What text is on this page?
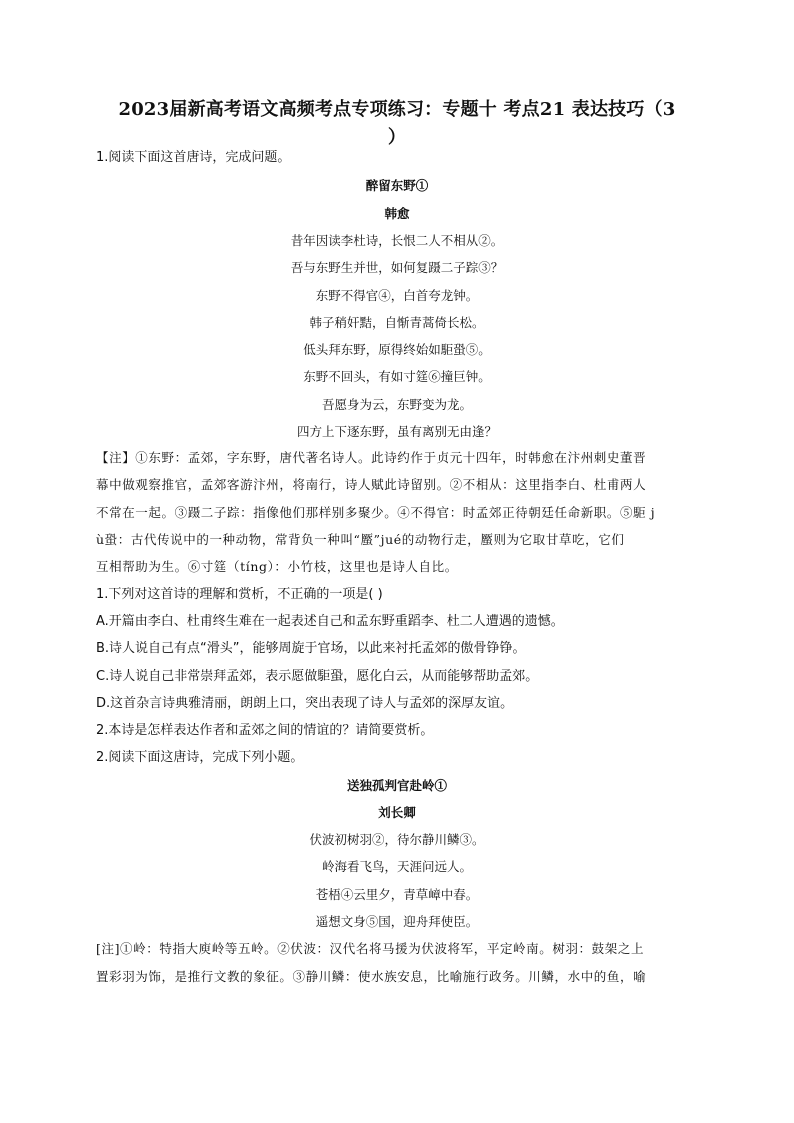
2023届新高考语文高频考点专项练习：专题十 考点21 表达技巧（3
）
1.阅读下面这首唐诗，完成问题。
醉留东野①
韩愈
昔年因读李杜诗，长恨二人不相从②。
吾与东野生并世，如何复蹑二子踪③？
东野不得官④，白首夸龙钟。
韩子稍奸黠，自惭青蒿倚长松。
低头拜东野，原得终始如駏蛩⑤。
东野不回头，有如寸筳⑥撞巨钟。
吾愿身为云，东野变为龙。
四方上下逐东野，虽有离别无由逢？
【注】①东野：孟郊，字东野，唐代著名诗人。此诗约作于贞元十四年，时韩愈在汴州刺史董晋
幕中做观察推官，孟郊客游汴州，将南行，诗人赋此诗留别。②不相从：这里指李白、杜甫两人
不常在一起。③蹑二子踪：指像他们那样别多聚少。④不得官：时孟郊正待朝廷任命新职。⑤駏 j
ù蛩：古代传说中的一种动物，常背负一种叫“蟨”jué的动物行走，蟨则为它取甘草吃，它们
互相帮助为生。⑥寸筳（tíng）：小竹枝，这里也是诗人自比。
1.下列对这首诗的理解和赏析，不正确的一项是( )
A.开篇由李白、杜甫终生难在一起表述自己和孟东野重蹈李、杜二人遭遇的遗憾。
B.诗人说自己有点“滑头”，能够周旋于官场，以此来衬托孟郊的傲骨铮铮。
C.诗人说自己非常崇拜孟郊，表示愿做駏蛩，愿化白云，从而能够帮助孟郊。
D.这首杂言诗典雅清丽，朗朗上口，突出表现了诗人与孟郊的深厚友谊。
2.本诗是怎样表达作者和孟郊之间的情谊的？请简要赏析。
2.阅读下面这唐诗，完成下列小题。
送独孤判官赴岭①
刘长卿
伏波初树羽②，待尔静川鳞③。
岭海看飞鸟，天涯问远人。
苍梧④云里夕，青草嶂中春。
遥想文身⑤国，迎舟拜使臣。
[注]①岭：特指大庾岭等五岭。②伏波：汉代名将马援为伏波将军，平定岭南。树羽：鼓架之上
置彩羽为饰，是推行文教的象征。③静川鳞：使水族安息，比喻施行政务。川鳞，水中的鱼，喻
